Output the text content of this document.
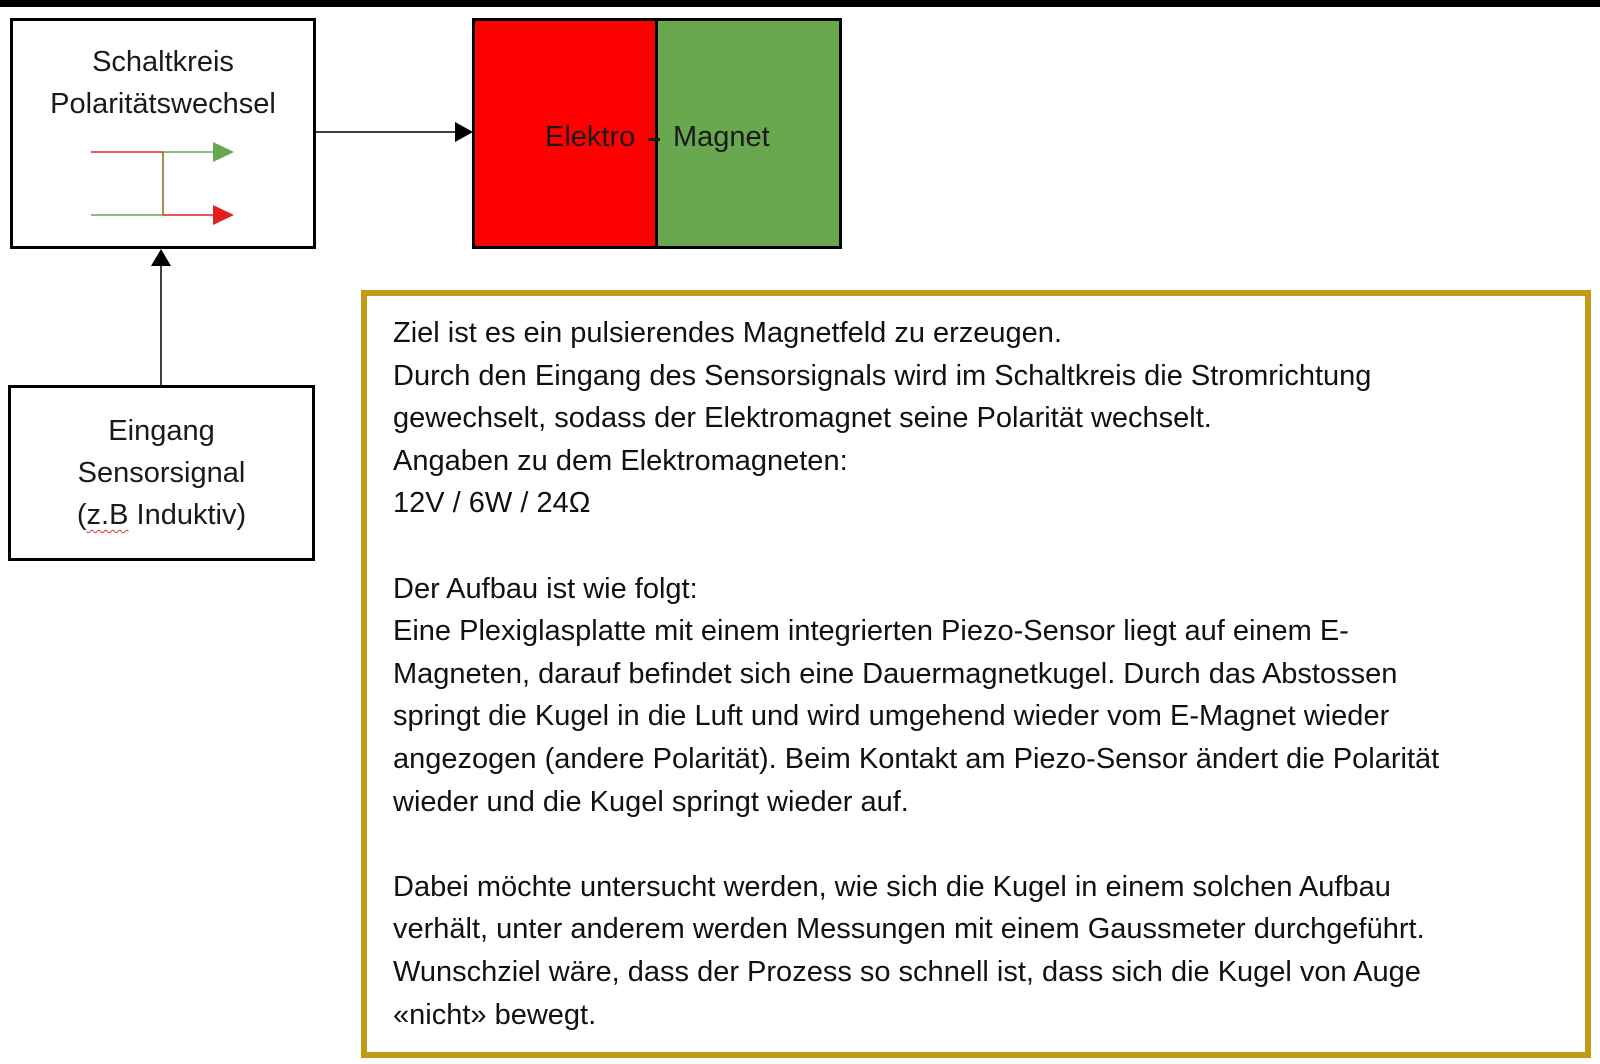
Schaltkreis
Polaritätswechsel
Elektro Magnet
Eingang
Sensorsignal
(z.B Induktiv)
Ziel ist es ein pulsierendes Magnetfeld zu erzeugen.
Durch den Eingang des Sensorsignals wird im Schaltkreis die Stromrichtung
gewechselt, sodass der Elektromagnet seine Polarität wechselt.
Angaben zu dem Elektromagneten:
12V / 6W / 24Ω
Der Aufbau ist wie folgt:
Eine Plexiglasplatte mit einem integrierten Piezo-Sensor liegt auf einem E-
Magneten, darauf befindet sich eine Dauermagnetkugel. Durch das Abstossen
springt die Kugel in die Luft und wird umgehend wieder vom E-Magnet wieder
angezogen (andere Polarität). Beim Kontakt am Piezo-Sensor ändert die Polarität
wieder und die Kugel springt wieder auf.
Dabei möchte untersucht werden, wie sich die Kugel in einem solchen Aufbau
verhält, unter anderem werden Messungen mit einem Gaussmeter durchgeführt.
Wunschziel wäre, dass der Prozess so schnell ist, dass sich die Kugel von Auge
«nicht» bewegt.
